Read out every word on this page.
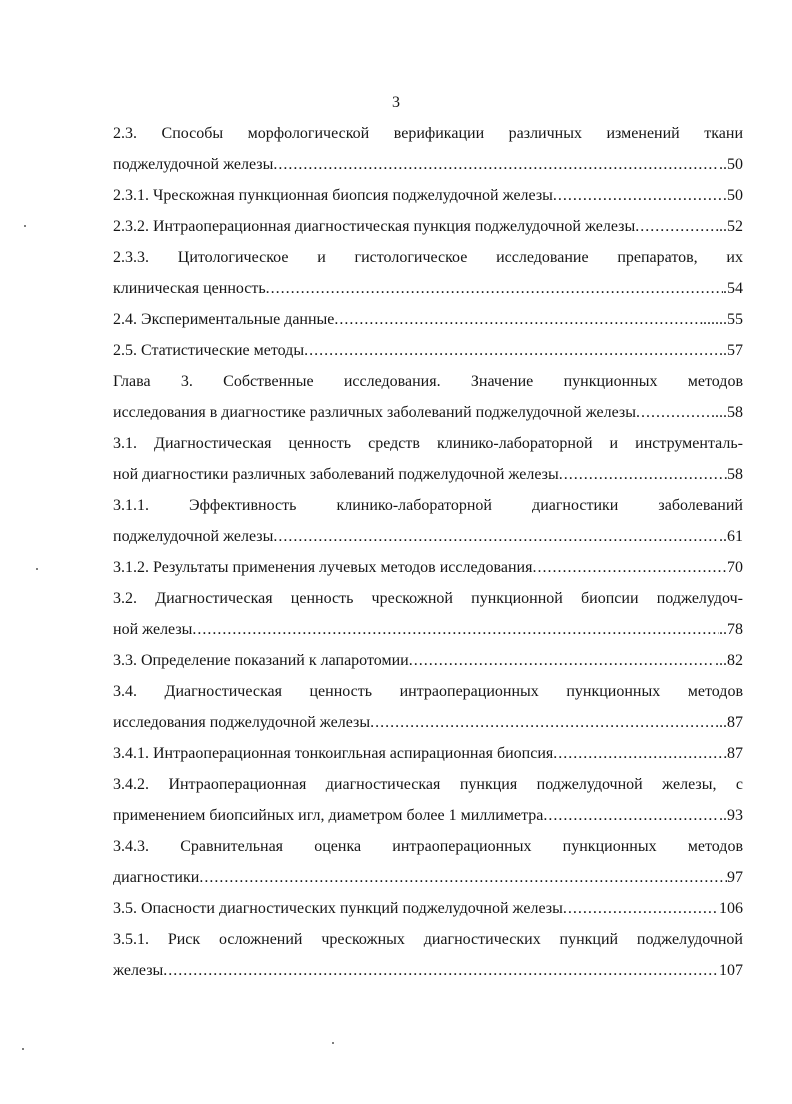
3
2.3. Способы морфологической верификации различных изменений ткани
поджелудочной железы .....	..50
2.3.1. Чрескожная пункционная биопсия поджелудочной железы .....	50
2.3.2. Интраоперационная диагностическая пункция поджелудочной железы .....	..52
2.3.3. Цитологическое и гистологическое исследование препаратов, их
клиническая ценность .....	.54
2.4. Экспериментальные данные .....	......55
2.5. Статистические методы .....	..57
Глава 3. Собственные исследования. Значение пункционных методов
исследования в диагностике различных заболеваний поджелудочной железы .....	...58
3.1. Диагностическая ценность средств клинико-лабораторной и инструменталь-
ной диагностики различных заболеваний поджелудочной железы .....	58
3.1.1. Эффективность клинико-лабораторной диагностики заболеваний
поджелудочной железы .....	..61
3.1.2. Результаты применения лучевых методов исследования .....	70
3.2. Диагностическая ценность чрескожной пункционной биопсии поджелудоч-
ной железы .....	..78
3.3. Определение показаний к лапаротомии .....	...82
3.4. Диагностическая ценность интраоперационных пункционных методов
исследования поджелудочной железы .....	..87
3.4.1. Интраоперационная тонкоигльная аспирационная биопсия .....	87
3.4.2. Интраоперационная диагностическая пункция поджелудочной железы, с
применением биопсийных игл, диаметром более 1 миллиметра .....	..93
3.4.3. Сравнительная оценка интраоперационных пункционных методов
диагностики .....	97
3.5. Опасности диагностических пункций поджелудочной железы .....	106
3.5.1. Риск осложнений чрескожных диагностических пункций поджелудочной
железы .....	107
